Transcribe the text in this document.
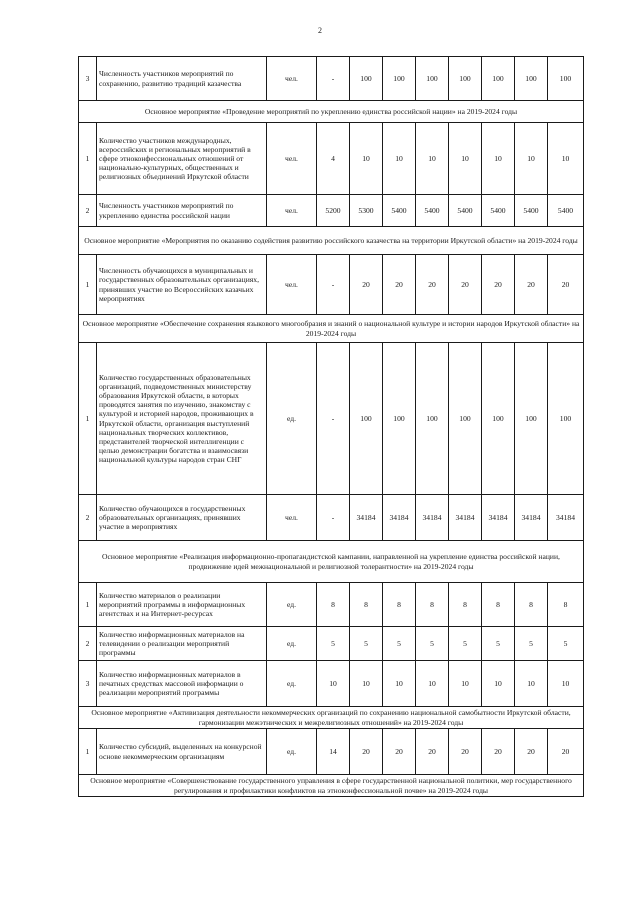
2
3	Численность участников мероприятий по сохранению, развитию традиций казачества	чел.	-	100	100	100	100	100	100	100
Основное мероприятие «Проведение мероприятий по укреплению единства российской нации» на 2019-2024 годы										
1	Количество участников международных, всероссийских и региональных мероприятий в сфере этноконфессиональных отношений от национально-культурных, общественных и религиозных объединений Иркутской области	чел.	4	10	10	10	10	10	10	10
2	Численность участников мероприятий по укреплению единства российской нации	чел.	5200	5300	5400	5400	5400	5400	5400	5400
Основное мероприятие «Мероприятия по оказанию содействия развитию российского казачества на территории Иркутской области» на 2019-2024 годы										
1	Численность обучающихся в муниципальных и государственных образовательных организациях, принявших участие во Всероссийских казачьих мероприятиях	чел.	-	20	20	20	20	20	20	20
Основное мероприятие «Обеспечение сохранения языкового многообразия и знаний о национальной культуре и истории народов Иркутской области» на 2019-2024 годы										
1	Количество государственных образовательных организаций, подведомственных министерству образования Иркутской области, в которых проводятся занятия по изучению, знакомству с культурой и историей народов, проживающих в Иркутской области, организация выступлений национальных творческих коллективов, представителей творческой интеллигенции с целью демонстрации богатства и взаимосвязи национальной культуры народов стран СНГ	ед.	-	100	100	100	100	100	100	100
2	Количество обучающихся в государственных образовательных организациях, принявших участие в мероприятиях	чел.	-	34184	34184	34184	34184	34184	34184	34184
Основное мероприятие «Реализация информационно-пропагандистской кампании, направленной на укрепление единства российской нации, продвижение идей межнациональной и религиозной толерантности» на 2019-2024 годы										
1	Количество материалов о реализации мероприятий программы в информационных агентствах и на Интернет-ресурсах	ед.	8	8	8	8	8	8	8	8
2	Количество информационных материалов на телевидении о реализации мероприятий программы	ед.	5	5	5	5	5	5	5	5
3	Количество информационных материалов в печатных средствах массовой информации о реализации мероприятий программы	ед.	10	10	10	10	10	10	10	10
Основное мероприятие «Активизация деятельности некоммерческих организаций по сохранению национальной самобытности Иркутской области, гармонизации межэтнических и межрелигиозных отношений» на 2019-2024 годы										
1	Количество субсидий, выделенных на конкурсной основе некоммерческим организациям	ед.	14	20	20	20	20	20	20	20
Основное мероприятие «Совершенствование государственного управления в сфере государственной национальной политики, мер государственного регулирования и профилактики конфликтов на этноконфессиональной почве» на 2019-2024 годы										
